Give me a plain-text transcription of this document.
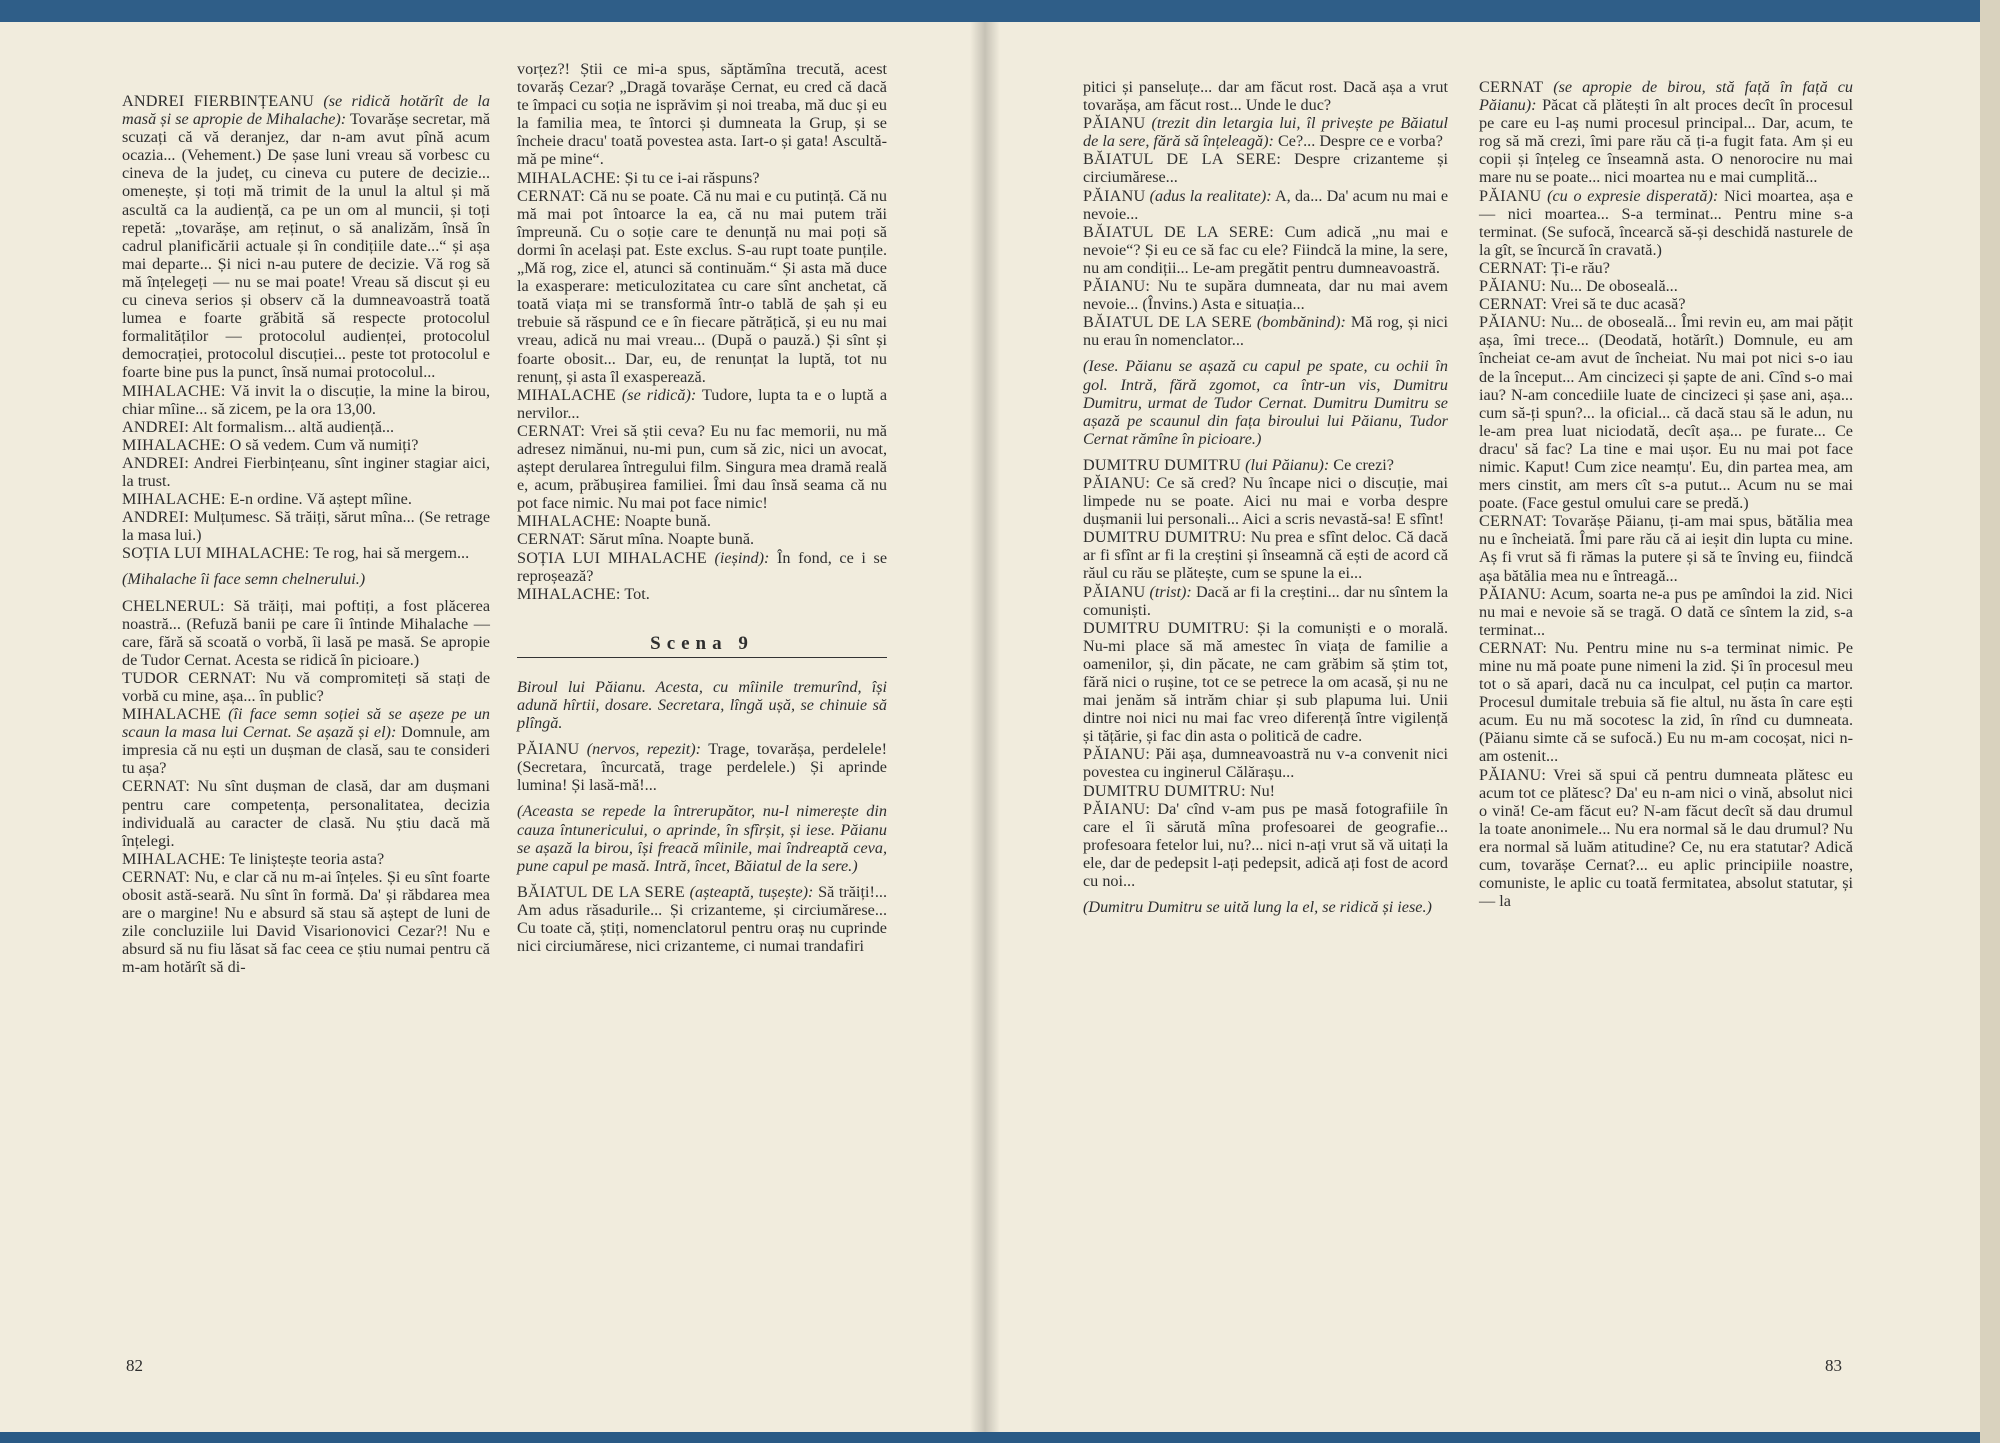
ANDREI FIERBINȚEANU (se ridică hotărît de la masă și se apropie de Mihalache): Tovarășe secretar, mă scuzați că vă deranjez, dar n-am avut pînă acum ocazia... (Vehement.) De șase luni vreau să vorbesc cu cineva de la județ, cu cineva cu putere de decizie... omenește, și toți mă trimit de la unul la altul și mă ascultă ca la audiență, ca pe un om al muncii, și toți repetă: „tovarășe, am reținut, o să analizăm, însă în cadrul planificării actuale și în condițiile date...“ și așa mai departe... Și nici n-au putere de decizie. Vă rog să mă înțelegeți — nu se mai poate! Vreau să discut și eu cu cineva serios și observ că la dumneavoastră toată lumea e foarte grăbită să respecte protocolul formalităților — protocolul audienței, protocolul democrației, protocolul discuției... peste tot protocolul e foarte bine pus la punct, însă numai protocolul...

MIHALACHE: Vă invit la o discuție, la mine la birou, chiar mîine... să zicem, pe la ora 13,00.

ANDREI: Alt formalism... altă audiență...

MIHALACHE: O să vedem. Cum vă numiți?

ANDREI: Andrei Fierbințeanu, sînt inginer stagiar aici, la trust.

MIHALACHE: E-n ordine. Vă aștept mîine.

ANDREI: Mulțumesc. Să trăiți, sărut mîna... (Se retrage la masa lui.)

SOȚIA LUI MIHALACHE: Te rog, hai să mergem...

(Mihalache îi face semn chelnerului.)

CHELNERUL: Să trăiți, mai poftiți, a fost plăcerea noastră... (Refuză banii pe care îi întinde Mihalache — care, fără să scoată o vorbă, îi lasă pe masă. Se apropie de Tudor Cernat. Acesta se ridică în picioare.)

TUDOR CERNAT: Nu vă compromiteți să stați de vorbă cu mine, așa... în public?

MIHALACHE (îi face semn soției să se așeze pe un scaun la masa lui Cernat. Se așază și el): Domnule, am impresia că nu ești un dușman de clasă, sau te consideri tu așa?

CERNAT: Nu sînt dușman de clasă, dar am dușmani pentru care competența, personalitatea, decizia individuală au caracter de clasă. Nu știu dacă mă înțelegi.

MIHALACHE: Te liniștește teoria asta?

CERNAT: Nu, e clar că nu m-ai înțeles. Și eu sînt foarte obosit astă-seară. Nu sînt în formă. Da' și răbdarea mea are o margine! Nu e absurd să stau să aștept de luni de zile concluziile lui David Visarionovici Cezar?! Nu e absurd să nu fiu lăsat să fac ceea ce știu numai pentru că m-am hotărît să di-

vorțez?! Știi ce mi-a spus, săptămîna trecută, acest tovarăș Cezar? „Dragă tovarășe Cernat, eu cred că dacă te împaci cu soția ne isprăvim și noi treaba, mă duc și eu la familia mea, te întorci și dumneata la Grup, și se încheie dracu' toată povestea asta. Iart-o și gata! Ascultă-mă pe mine“.

MIHALACHE: Și tu ce i-ai răspuns?

CERNAT: Că nu se poate. Că nu mai e cu putință. Că nu mă mai pot întoarce la ea, că nu mai putem trăi împreună. Cu o soție care te denunță nu mai poți să dormi în același pat. Este exclus. S-au rupt toate punțile. „Mă rog, zice el, atunci să continuăm.“ Și asta mă duce la exasperare: meticulozitatea cu care sînt anchetat, că toată viața mi se transformă într-o tablă de șah și eu trebuie să răspund ce e în fiecare pătrățică, și eu nu mai vreau, adică nu mai vreau... (După o pauză.) Și sînt și foarte obosit... Dar, eu, de renunțat la luptă, tot nu renunț, și asta îl exasperează.

MIHALACHE (se ridică): Tudore, lupta ta e o luptă a nervilor...

CERNAT: Vrei să știi ceva? Eu nu fac memorii, nu mă adresez nimănui, nu-mi pun, cum să zic, nici un avocat, aștept derularea întregului film. Singura mea dramă reală e, acum, prăbușirea familiei. Îmi dau însă seama că nu pot face nimic. Nu mai pot face nimic!

MIHALACHE: Noapte bună.

CERNAT: Sărut mîna. Noapte bună.

SOȚIA LUI MIHALACHE (ieșind): În fond, ce i se reproșează?

MIHALACHE: Tot.

Scena 9

Biroul lui Păianu. Acesta, cu mîinile tremurînd, își adună hîrtii, dosare. Secretara, lîngă ușă, se chinuie să plîngă.

PĂIANU (nervos, repezit): Trage, tovarășa, perdelele! (Secretara, încurcată, trage perdelele.) Și aprinde lumina! Și lasă-mă!...

(Aceasta se repede la întrerupător, nu-l nimerește din cauza întunericului, o aprinde, în sfîrșit, și iese. Păianu se așază la birou, își freacă mîinile, mai îndreaptă ceva, pune capul pe masă. Intră, încet, Băiatul de la sere.)

BĂIATUL DE LA SERE (așteaptă, tușește): Să trăiți!... Am adus răsadurile... Și crizanteme, și circiumărese... Cu toate că, știți, nomenclatorul pentru oraș nu cuprinde nici circiumărese, nici crizanteme, ci numai trandafiri

82

pitici și panseluțe... dar am făcut rost. Dacă așa a vrut tovarășa, am făcut rost... Unde le duc?

PĂIANU (trezit din letargia lui, îl privește pe Băiatul de la sere, fără să înțeleagă): Ce?... Despre ce e vorba?

BĂIATUL DE LA SERE: Despre crizanteme și circiumărese...

PĂIANU (adus la realitate): A, da... Da' acum nu mai e nevoie...

BĂIATUL DE LA SERE: Cum adică „nu mai e nevoie“? Și eu ce să fac cu ele? Fiindcă la mine, la sere, nu am condiții... Le-am pregătit pentru dumneavoastră.

PĂIANU: Nu te supăra dumneata, dar nu mai avem nevoie... (Învins.) Asta e situația...

BĂIATUL DE LA SERE (bombănind): Mă rog, și nici nu erau în nomenclator...

(Iese. Păianu se așază cu capul pe spate, cu ochii în gol. Intră, fără zgomot, ca într-un vis, Dumitru Dumitru, urmat de Tudor Cernat. Dumitru Dumitru se așază pe scaunul din fața biroului lui Păianu, Tudor Cernat rămîne în picioare.)

DUMITRU DUMITRU (lui Păianu): Ce crezi?

PĂIANU: Ce să cred? Nu încape nici o discuție, mai limpede nu se poate. Aici nu mai e vorba despre dușmanii lui personali... Aici a scris nevastă-sa! E sfînt!

DUMITRU DUMITRU: Nu prea e sfînt deloc. Că dacă ar fi sfînt ar fi la creștini și înseamnă că ești de acord că răul cu rău se plătește, cum se spune la ei...

PĂIANU (trist): Dacă ar fi la creștini... dar nu sîntem la comuniști.

DUMITRU DUMITRU: Și la comuniști e o morală. Nu-mi place să mă amestec în viața de familie a oamenilor, și, din păcate, ne cam grăbim să știm tot, fără nici o rușine, tot ce se petrece la om acasă, și nu ne mai jenăm să intrăm chiar și sub plapuma lui. Unii dintre noi nici nu mai fac vreo diferență între vigilență și tățărie, și fac din asta o politică de cadre.

PĂIANU: Păi așa, dumneavoastră nu v-a convenit nici povestea cu inginerul Călărașu...

DUMITRU DUMITRU: Nu!

PĂIANU: Da' cînd v-am pus pe masă fotografiile în care el îi sărută mîna profesoarei de geografie... profesoara fetelor lui, nu?... nici n-ați vrut să vă uitați la ele, dar de pedepsit l-ați pedepsit, adică ați fost de acord cu noi...

(Dumitru Dumitru se uită lung la el, se ridică și iese.)

CERNAT (se apropie de birou, stă față în față cu Păianu): Păcat că plătești în alt proces decît în procesul pe care eu l-aș numi procesul principal... Dar, acum, te rog să mă crezi, îmi pare rău că ți-a fugit fata. Am și eu copii și înțeleg ce înseamnă asta. O nenorocire nu mai mare nu se poate... nici moartea nu e mai cumplită...

PĂIANU (cu o expresie disperată): Nici moartea, așa e — nici moartea... S-a terminat... Pentru mine s-a terminat. (Se sufocă, încearcă să-și deschidă nasturele de la gît, se încurcă în cravată.)

CERNAT: Ți-e rău?

PĂIANU: Nu... De oboseală...

CERNAT: Vrei să te duc acasă?

PĂIANU: Nu... de oboseală... Îmi revin eu, am mai pățit așa, îmi trece... (Deodată, hotărît.) Domnule, eu am încheiat ce-am avut de încheiat. Nu mai pot nici s-o iau de la început... Am cincizeci și șapte de ani. Cînd s-o mai iau? N-am concediile luate de cincizeci și șase ani, așa... cum să-ți spun?... la oficial... că dacă stau să le adun, nu le-am prea luat niciodată, decît așa... pe furate... Ce dracu' să fac? La tine e mai ușor. Eu nu mai pot face nimic. Kaput! Cum zice neamțu'. Eu, din partea mea, am mers cinstit, am mers cît s-a putut... Acum nu se mai poate. (Face gestul omului care se predă.)

CERNAT: Tovarășe Păianu, ți-am mai spus, bătălia mea nu e încheiată. Îmi pare rău că ai ieșit din lupta cu mine. Aș fi vrut să fi rămas la putere și să te înving eu, fiindcă așa bătălia mea nu e întreagă...

PĂIANU: Acum, soarta ne-a pus pe amîndoi la zid. Nici nu mai e nevoie să se tragă. O dată ce sîntem la zid, s-a terminat...

CERNAT: Nu. Pentru mine nu s-a terminat nimic. Pe mine nu mă poate pune nimeni la zid. Și în procesul meu tot o să apari, dacă nu ca inculpat, cel puțin ca martor. Procesul dumitale trebuia să fie altul, nu ăsta în care ești acum. Eu nu mă socotesc la zid, în rînd cu dumneata. (Păianu simte că se sufocă.) Eu nu m-am cocoșat, nici n-am ostenit...

PĂIANU: Vrei să spui că pentru dumneata plătesc eu acum tot ce plătesc? Da' eu n-am nici o vină, absolut nici o vină! Ce-am făcut eu? N-am făcut decît să dau drumul la toate anonimele... Nu era normal să le dau drumul? Nu era normal să luăm atitudine? Ce, nu era statutar? Adică cum, tovarășe Cernat?... eu aplic principiile noastre, comuniste, le aplic cu toată fermitatea, absolut statutar, și — la

83
